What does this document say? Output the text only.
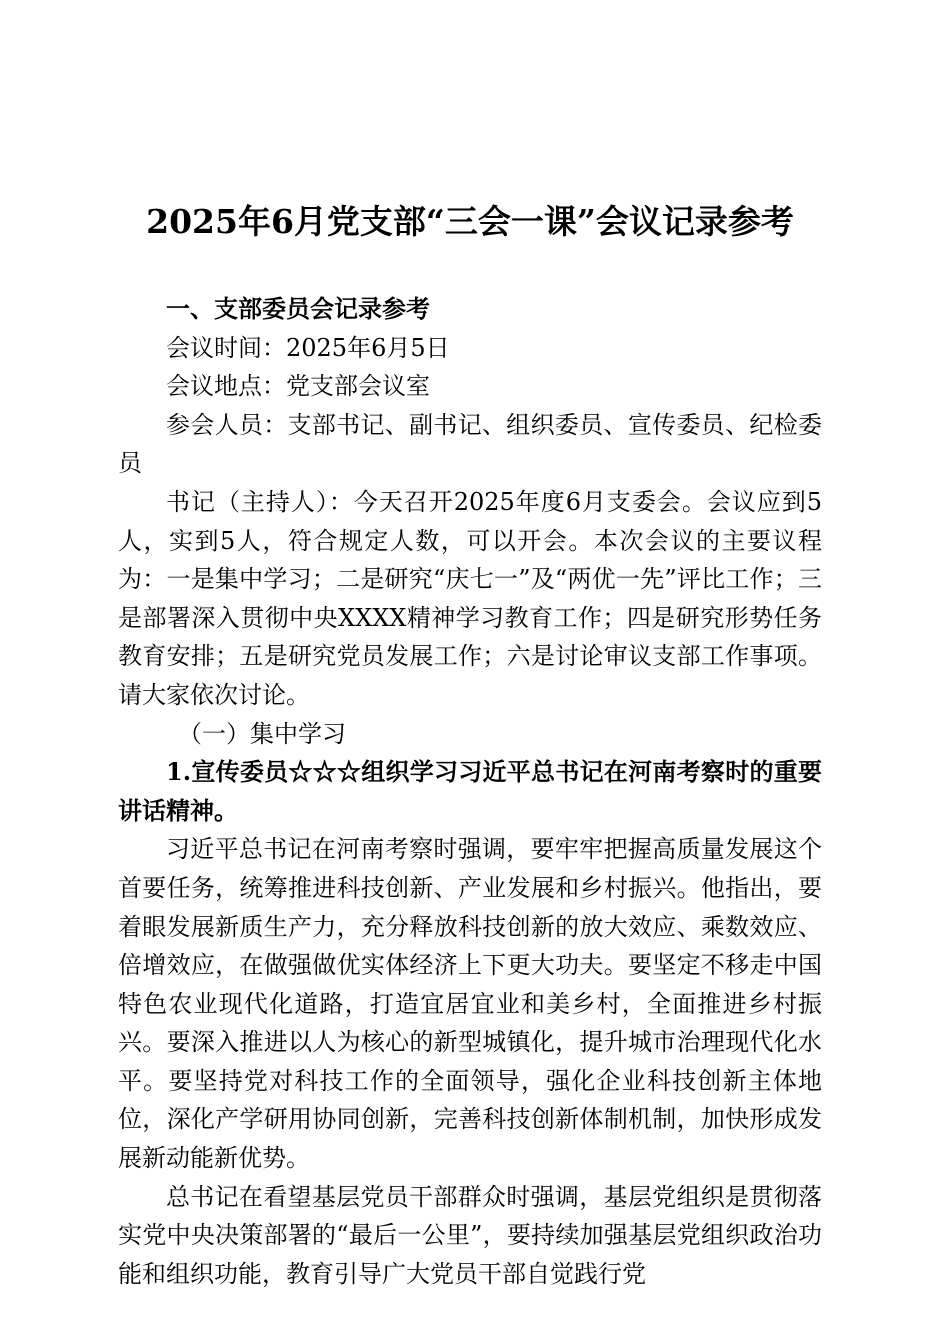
2025年6月党支部“三会一课”会议记录参考

一、支部委员会记录参考

会议时间：2025年6月5日

会议地点：党支部会议室

参会人员：支部书记、副书记、组织委员、宣传委员、纪检委员

书记（主持人）：今天召开2025年度6月支委会。会议应到5人，实到5人，符合规定人数，可以开会。本次会议的主要议程为：一是集中学习；二是研究“庆七一”及“两优一先”评比工作；三是部署深入贯彻中央XXXX精神学习教育工作；四是研究形势任务教育安排；五是研究党员发展工作；六是讨论审议支部工作事项。请大家依次讨论。

（一）集中学习

1.宣传委员☆☆☆组织学习习近平总书记在河南考察时的重要讲话精神。

习近平总书记在河南考察时强调，要牢牢把握高质量发展这个首要任务，统筹推进科技创新、产业发展和乡村振兴。他指出，要着眼发展新质生产力，充分释放科技创新的放大效应、乘数效应、倍增效应，在做强做优实体经济上下更大功夫。要坚定不移走中国特色农业现代化道路，打造宜居宜业和美乡村，全面推进乡村振兴。要深入推进以人为核心的新型城镇化，提升城市治理现代化水平。要坚持党对科技工作的全面领导，强化企业科技创新主体地位，深化产学研用协同创新，完善科技创新体制机制，加快形成发展新动能新优势。

总书记在看望基层党员干部群众时强调，基层党组织是贯彻落实党中央决策部署的“最后一公里”，要持续加强基层党组织政治功能和组织功能，教育引导广大党员干部自觉践行党
